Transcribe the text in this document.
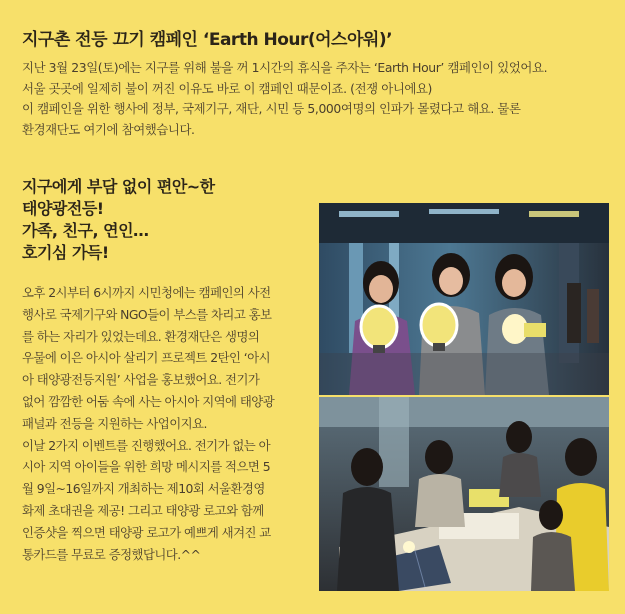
지구촌 전등 끄기 캠페인 ‘Earth Hour(어스아워)’

지난 3월 23일(토)에는 지구를 위해 불을 꺼 1시간의 휴식을 주자는 ‘Earth Hour’ 캠페인이 있었어요.

서울 곳곳에 일제히 불이 꺼진 이유도 바로 이 캠페인 때문이죠. (전쟁 아니에요)

이 캠페인을 위한 행사에 정부, 국제기구, 재단, 시민 등 5,000여명의 인파가 몰렸다고 해요. 물론

환경재단도 여기에 참여했습니다.

지구에게 부담 없이 편안~한
태양광전등!
가족, 친구, 연인…
호기심 가득!

오후 2시부터 6시까지 시민청에는 캠페인의 사전

행사로 국제기구와 NGO들이 부스를 차리고 홍보

를 하는 자리가 있었는데요. 환경재단은 생명의

우물에 이은 아시아 살리기 프로젝트 2탄인 ‘아시

아 태양광전등지원’ 사업을 홍보했어요. 전기가

없어 깜깜한 어둠 속에 사는 아시아 지역에 태양광

패널과 전등을 지원하는 사업이지요.

이날 2가지 이벤트를 진행했어요. 전기가 없는 아

시아 지역 아이들을 위한 희망 메시지를 적으면 5

월 9일~16일까지 개최하는 제10회 서울환경영

화제 초대권을 제공! 그리고 태양광 로고와 함께

인증샷을 찍으면 태양광 로고가 예쁘게 새겨진 교

통카드를 무료로 증정했답니다.^^
